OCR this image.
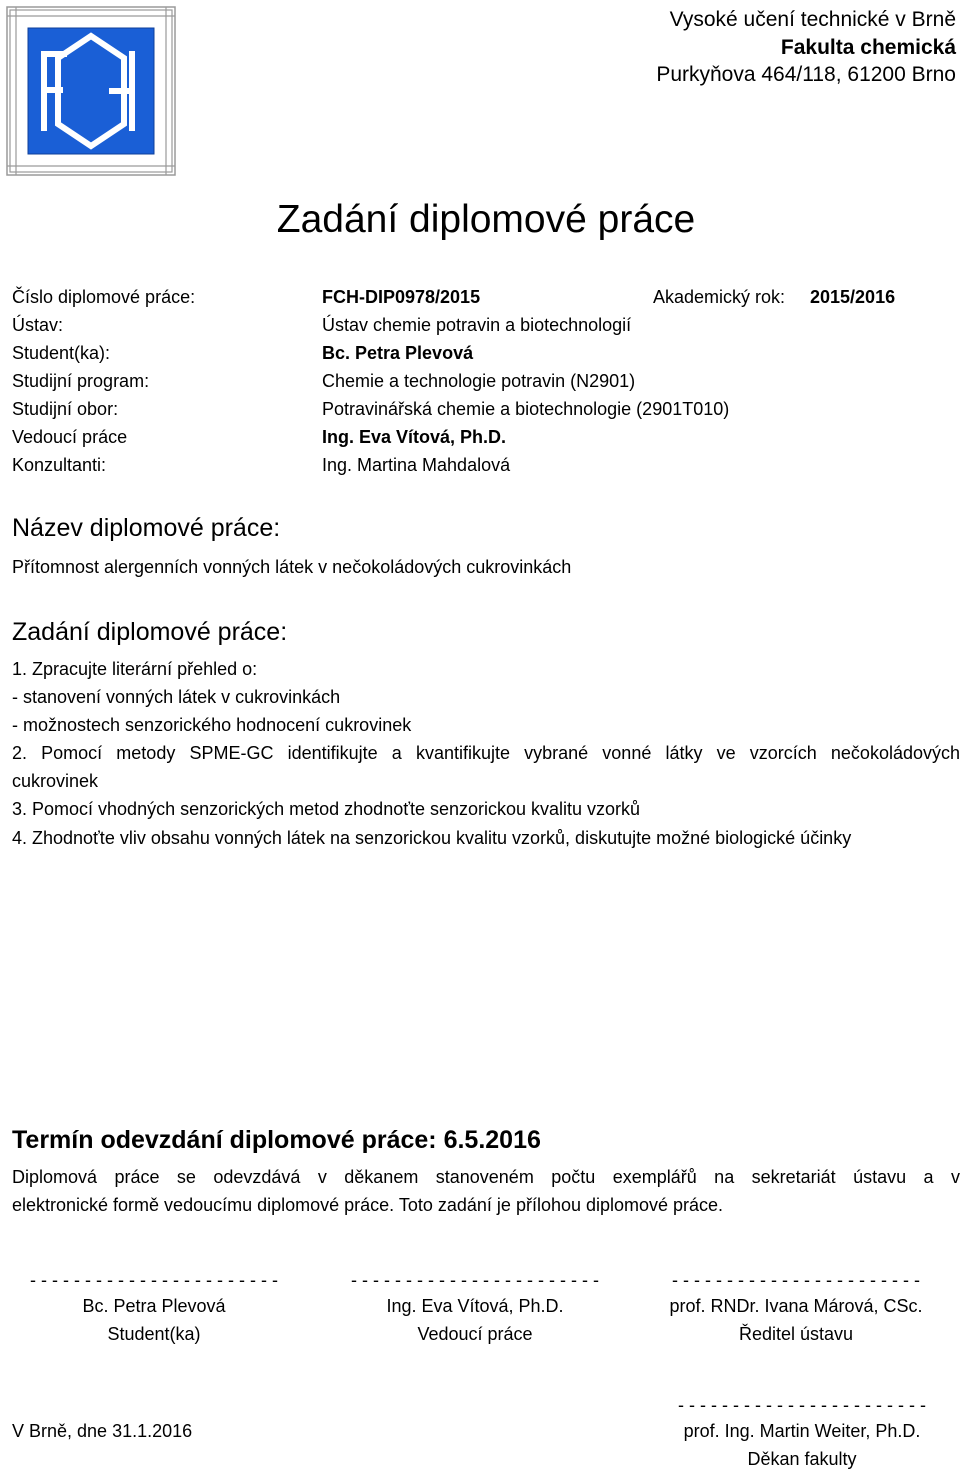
Vysoké učení technické v Brně
Fakulta chemická
Purkyňova 464/118, 61200 Brno
Zadání diplomové práce
Číslo diplomové práce:	FCH-DIP0978/2015	Akademický rok: 2015/2016
Ústav:	Ústav chemie potravin a biotechnologií
Student(ka):	Bc. Petra Plevová
Studijní program:	Chemie a technologie potravin (N2901)
Studijní obor:	Potravinářská chemie a biotechnologie (2901T010)
Vedoucí práce	Ing. Eva Vítová, Ph.D.
Konzultanti:	Ing. Martina Mahdalová
Název diplomové práce:
Přítomnost alergenních vonných látek v nečokoládových cukrovinkách
Zadání diplomové práce:
1. Zpracujte literární přehled o:
- stanovení vonných látek v cukrovinkách
- možnostech senzorického hodnocení cukrovinek
2. Pomocí metody SPME-GC identifikujte a kvantifikujte vybrané vonné látky ve vzorcích nečokoládových
cukrovinek
3. Pomocí vhodných senzorických metod zhodnoťte senzorickou kvalitu vzorků
4. Zhodnoťte vliv obsahu vonných látek na senzorickou kvalitu vzorků, diskutujte možné biologické účinky
Termín odevzdání diplomové práce: 6.5.2016
Diplomová práce se odevzdává v děkanem stanoveném počtu exemplářů na sekretariát ústavu a v
elektronické formě vedoucímu diplomové práce. Toto zadání je přílohou diplomové práce.
- - - - - - - - - - - - - - - - - - - - - - -
Bc. Petra Plevová
Student(ka)
- - - - - - - - - - - - - - - - - - - - - - -
Ing. Eva Vítová, Ph.D.
Vedoucí práce
- - - - - - - - - - - - - - - - - - - - - - -
prof. RNDr. Ivana Márová, CSc.
Ředitel ústavu
V Brně, dne 31.1.2016
- - - - - - - - - - - - - - - - - - - - - - -
prof. Ing. Martin Weiter, Ph.D.
Děkan fakulty
